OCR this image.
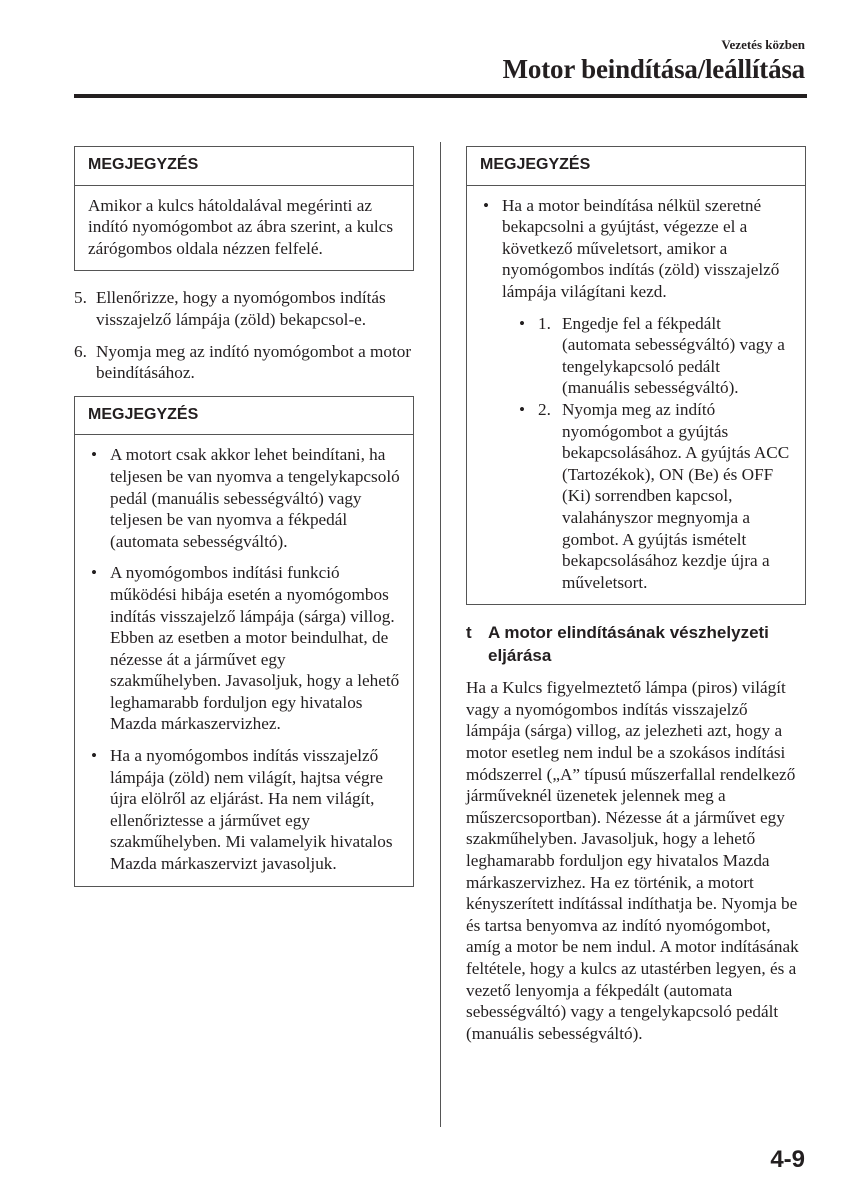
Vezetés közben
Motor beindítása/leállítása
MEGJEGYZÉS
Amikor a kulcs hátoldalával megérinti az indító nyomógombot az ábra szerint, a kulcs zárógombos oldala nézzen felfelé.
5. Ellenőrizze, hogy a nyomógombos indítás visszajelző lámpája (zöld) bekapcsol-e.
6. Nyomja meg az indító nyomógombot a motor beindításához.
MEGJEGYZÉS
• A motort csak akkor lehet beindítani, ha teljesen be van nyomva a tengelykapcsoló pedál (manuális sebességváltó) vagy teljesen be van nyomva a fékpedál (automata sebességváltó).
• A nyomógombos indítási funkció működési hibája esetén a nyomógombos indítás visszajelző lámpája (sárga) villog. Ebben az esetben a motor beindulhat, de nézesse át a járművet egy szakműhelyben. Javasoljuk, hogy a lehető leghamarabb forduljon egy hivatalos Mazda márkaszervizhez.
• Ha a nyomógombos indítás visszajelző lámpája (zöld) nem világít, hajtsa végre újra elölről az eljárást. Ha nem világít, ellenőriztesse a járművet egy szakműhelyben. Mi valamelyik hivatalos Mazda márkaszervizt javasoljuk.
MEGJEGYZÉS
• Ha a motor beindítása nélkül szeretné bekapcsolni a gyújtást, végezze el a következő műveletsort, amikor a nyomógombos indítás (zöld) visszajelző lámpája világítani kezd.
• 1. Engedje fel a fékpedált (automata sebességváltó) vagy a tengelykapcsoló pedált (manuális sebességváltó).
• 2. Nyomja meg az indító nyomógombot a gyújtás bekapcsolásához. A gyújtás ACC (Tartozékok), ON (Be) és OFF (Ki) sorrendben kapcsol, valahányszor megnyomja a gombot. A gyújtás ismételt bekapcsolásához kezdje újra a műveletsort.
t A motor elindításának vészhelyzeti eljárása

Ha a Kulcs figyelmeztető lámpa (piros) világít vagy a nyomógombos indítás visszajelző lámpája (sárga) villog, az jelezheti azt, hogy a motor esetleg nem indul be a szokásos indítási módszerrel („A” típusú műszerfallal rendelkező járműveknél üzenetek jelennek meg a műszercsoportban). Nézesse át a járművet egy szakműhelyben. Javasoljuk, hogy a lehető leghamarabb forduljon egy hivatalos Mazda márkaszervizhez. Ha ez történik, a motort kényszerített indítással indíthatja be. Nyomja be és tartsa benyomva az indító nyomógombot, amíg a motor be nem indul. A motor indításának feltétele, hogy a kulcs az utastérben legyen, és a vezető lenyomja a fékpedált (automata sebességváltó) vagy a tengelykapcsoló pedált (manuális sebességváltó).

4-9
